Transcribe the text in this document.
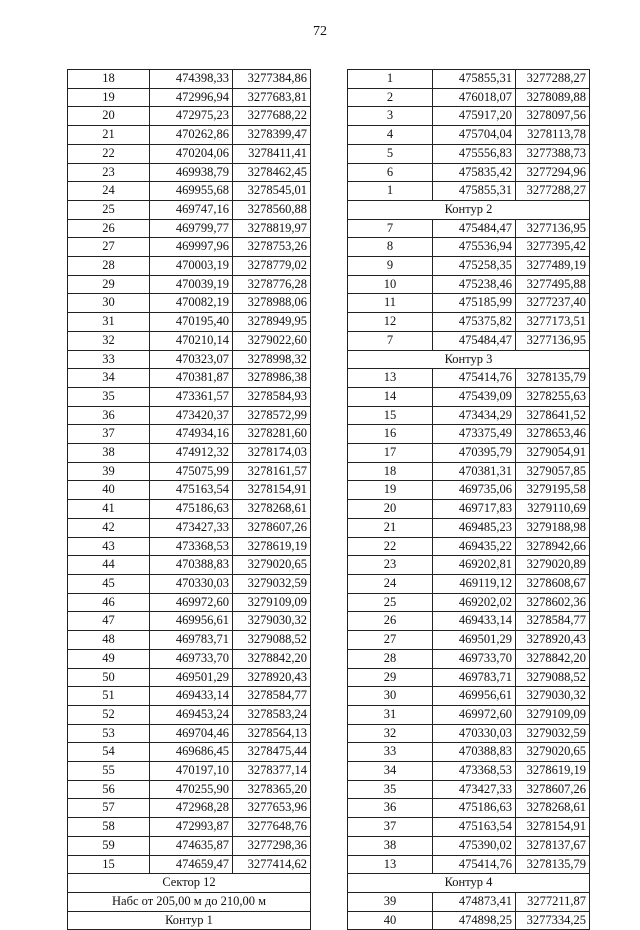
72
18	474398,33	3277384,86
19	472996,94	3277683,81
20	472975,23	3277688,22
21	470262,86	3278399,47
22	470204,06	3278411,41
23	469938,79	3278462,45
24	469955,68	3278545,01
25	469747,16	3278560,88
26	469799,77	3278819,97
27	469997,96	3278753,26
28	470003,19	3278779,02
29	470039,19	3278776,28
30	470082,19	3278988,06
31	470195,40	3278949,95
32	470210,14	3279022,60
33	470323,07	3278998,32
34	470381,87	3278986,38
35	473361,57	3278584,93
36	473420,37	3278572,99
37	474934,16	3278281,60
38	474912,32	3278174,03
39	475075,99	3278161,57
40	475163,54	3278154,91
41	475186,63	3278268,61
42	473427,33	3278607,26
43	473368,53	3278619,19
44	470388,83	3279020,65
45	470330,03	3279032,59
46	469972,60	3279109,09
47	469956,61	3279030,32
48	469783,71	3279088,52
49	469733,70	3278842,20
50	469501,29	3278920,43
51	469433,14	3278584,77
52	469453,24	3278583,24
53	469704,46	3278564,13
54	469686,45	3278475,44
55	470197,10	3278377,14
56	470255,90	3278365,20
57	472968,28	3277653,96
58	472993,87	3277648,76
59	474635,87	3277298,36
15	474659,47	3277414,62
Сектор 12		
Набс от 205,00 м до 210,00 м		
Контур 1		
1	475855,31	3277288,27
2	476018,07	3278089,88
3	475917,20	3278097,56
4	475704,04	3278113,78
5	475556,83	3277388,73
6	475835,42	3277294,96
1	475855,31	3277288,27
Контур 2		
7	475484,47	3277136,95
8	475536,94	3277395,42
9	475258,35	3277489,19
10	475238,46	3277495,88
11	475185,99	3277237,40
12	475375,82	3277173,51
7	475484,47	3277136,95
Контур 3		
13	475414,76	3278135,79
14	475439,09	3278255,63
15	473434,29	3278641,52
16	473375,49	3278653,46
17	470395,79	3279054,91
18	470381,31	3279057,85
19	469735,06	3279195,58
20	469717,83	3279110,69
21	469485,23	3279188,98
22	469435,22	3278942,66
23	469202,81	3279020,89
24	469119,12	3278608,67
25	469202,02	3278602,36
26	469433,14	3278584,77
27	469501,29	3278920,43
28	469733,70	3278842,20
29	469783,71	3279088,52
30	469956,61	3279030,32
31	469972,60	3279109,09
32	470330,03	3279032,59
33	470388,83	3279020,65
34	473368,53	3278619,19
35	473427,33	3278607,26
36	475186,63	3278268,61
37	475163,54	3278154,91
38	475390,02	3278137,67
13	475414,76	3278135,79
Контур 4		
39	474873,41	3277211,87
40	474898,25	3277334,25
